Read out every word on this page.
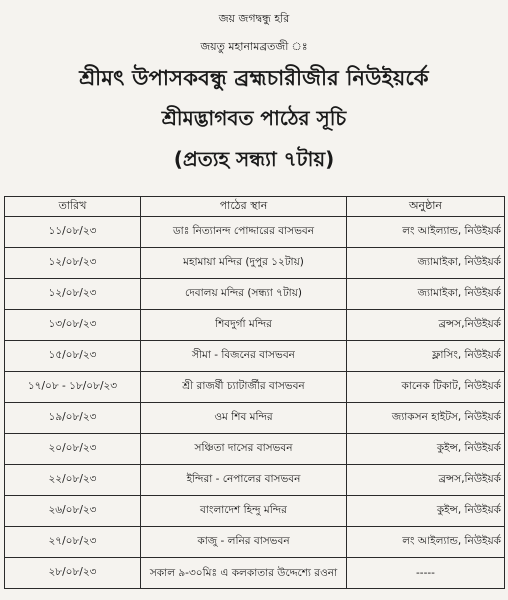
জয় জগদ্বন্ধু হরি
জয়তু মহানামব্রতজী ঃ
শ্রীমৎ উপাসকবন্ধু ব্রহ্মচারীজীর নিউইয়র্কে
শ্রীমদ্ভাগবত পাঠের সূচি
(প্রত্যহ সন্ধ্যা ৭টায়)
তারিখ	পাঠের স্থান	অনুষ্ঠান
১১/০৮/২৩	ডাঃ নিত্যানন্দ পোদ্দারের বাসভবন	লং আইল্যান্ড, নিউইয়র্ক
১২/০৮/২৩	মহামায়া মন্দির (দুপুর ১২টায়)	জ্যামাইকা, নিউইয়র্ক
১২/০৮/২৩	দেবালয় মন্দির (সন্ধ্যা ৭টায়)	জ্যামাইকা, নিউইয়র্ক
১৩/০৮/২৩	শিবদুর্গা মন্দির	ব্রন্সস,নিউইয়র্ক
১৫/০৮/২৩	সীমা - বিজনের বাসভবন	ফ্লাসিং, নিউইয়র্ক
১৭/০৮ - ১৮/০৮/২৩	শ্রী রাজর্ষী চ্যাটার্জীর বাসভবন	কানেক টিকাট, নিউইয়র্ক
১৯/০৮/২৩	ওম শিব মন্দির	জ্যাকসন হাইটস, নিউইয়র্ক
২০/০৮/২৩	সঞ্চিতা দাসের বাসভবন	কুইন্স, নিউইয়র্ক
২২/০৮/২৩	ইন্দিরা - নেপালের বাসভবন	ব্রন্সস,নিউইয়র্ক
২৬/০৮/২৩	বাংলাদেশ হিন্দু মন্দির	কুইন্স, নিউইয়র্ক
২৭/০৮/২৩	কাজু - লনির বাসভবন	লং আইল্যান্ড, নিউইয়র্ক
২৮/০৮/২৩	সকাল ৯-৩০মিঃ এ কলকাতার উদ্দেশ্যে রওনা	-----
